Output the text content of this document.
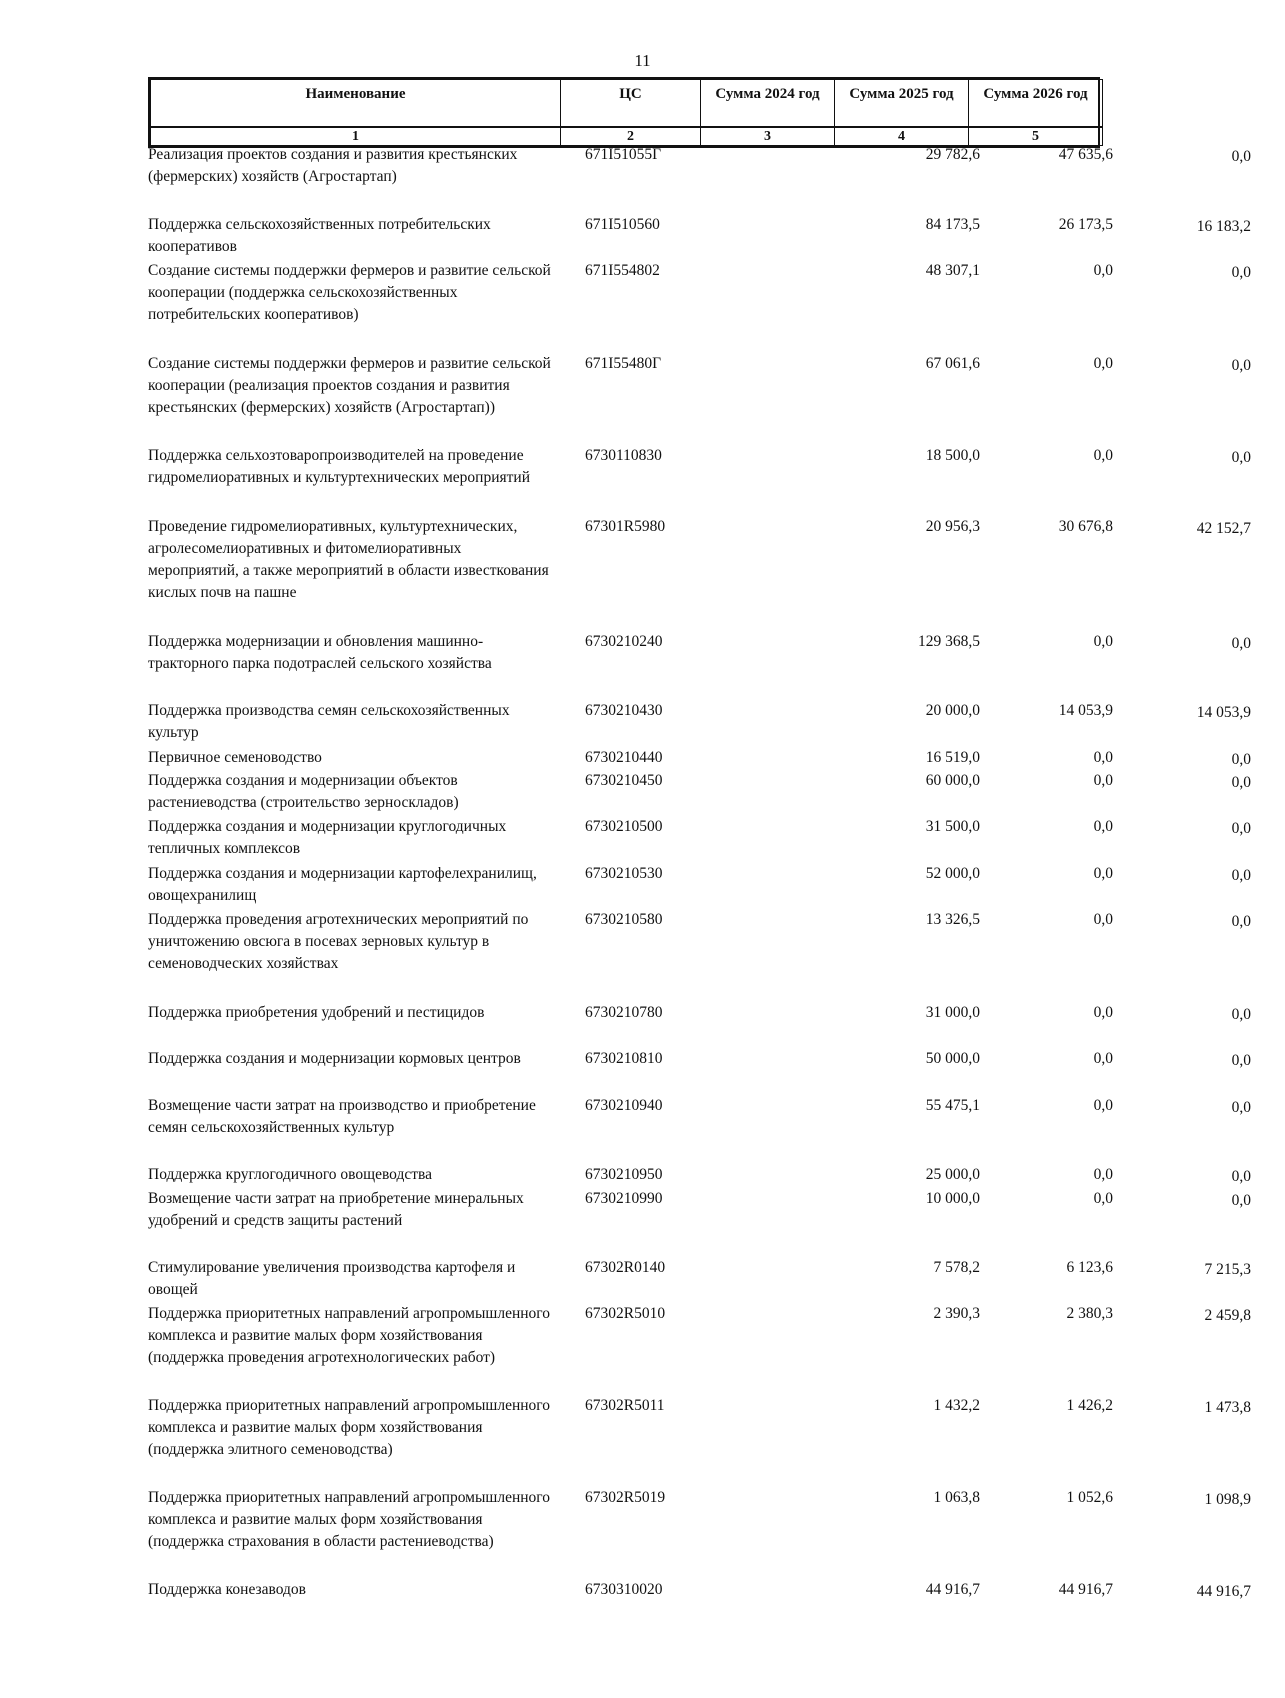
11
Наименование	ЦС	Сумма 2024 год	Сумма 2025 год	Сумма 2026 год
1	2	3	4	5
Реализация проектов создания и развития крестьянских (фермерских) хозяйств (Агростартап)
671I51055Г	29 782,6	47 635,6	0,0
Поддержка сельскохозяйственных потребительских кооперативов
671I510560	84 173,5	26 173,5	16 183,2
Создание системы поддержки фермеров и развитие сельской кооперации (поддержка сельскохозяйственных потребительских кооперативов)
671I554802	48 307,1	0,0	0,0
Создание системы поддержки фермеров и развитие сельской кооперации (реализация проектов создания и развития крестьянских (фермерских) хозяйств (Агростартап))
671I55480Г	67 061,6	0,0	0,0
Поддержка сельхозтоваропроизводителей на проведение гидромелиоративных и культуртехнических мероприятий
6730110830	18 500,0	0,0	0,0
Проведение гидромелиоративных, культуртехнических, агролесомелиоративных и фитомелиоративных мероприятий, а также мероприятий в области известкования кислых почв на пашне
67301R5980	20 956,3	30 676,8	42 152,7
Поддержка модернизации и обновления машинно-тракторного парка подотраслей сельского хозяйства
6730210240	129 368,5	0,0	0,0
Поддержка производства семян сельскохозяйственных культур
6730210430	20 000,0	14 053,9	14 053,9
Первичное семеноводство	6730210440	16 519,0	0,0	0,0
Поддержка создания и модернизации объектов растениеводства (строительство зерноскладов)
6730210450	60 000,0	0,0	0,0
Поддержка создания и модернизации круглогодичных тепличных комплексов
6730210500	31 500,0	0,0	0,0
Поддержка создания и модернизации картофелехранилищ, овощехранилищ
6730210530	52 000,0	0,0	0,0
Поддержка проведения агротехнических мероприятий по уничтожению овсюга в посевах зерновых культур в семеноводческих хозяйствах
6730210580	13 326,5	0,0	0,0
Поддержка приобретения удобрений и пестицидов	6730210780	31 000,0	0,0	0,0
Поддержка создания и модернизации кормовых центров	6730210810	50 000,0	0,0	0,0
Возмещение части затрат на производство и приобретение семян сельскохозяйственных культур
6730210940	55 475,1	0,0	0,0
Поддержка круглогодичного овощеводства	6730210950	25 000,0	0,0	0,0
Возмещение части затрат на приобретение минеральных удобрений и средств защиты растений
6730210990	10 000,0	0,0	0,0
Стимулирование увеличения производства картофеля и овощей
67302R0140	7 578,2	6 123,6	7 215,3
Поддержка приоритетных направлений агропромышленного комплекса и развитие малых форм хозяйствования (поддержка проведения агротехнологических работ)
67302R5010	2 390,3	2 380,3	2 459,8
Поддержка приоритетных направлений агропромышленного комплекса и развитие малых форм хозяйствования (поддержка элитного семеноводства)
67302R5011	1 432,2	1 426,2	1 473,8
Поддержка приоритетных направлений агропромышленного комплекса и развитие малых форм хозяйствования (поддержка страхования в области растениеводства)
67302R5019	1 063,8	1 052,6	1 098,9
Поддержка конезаводов	6730310020	44 916,7	44 916,7	44 916,7
